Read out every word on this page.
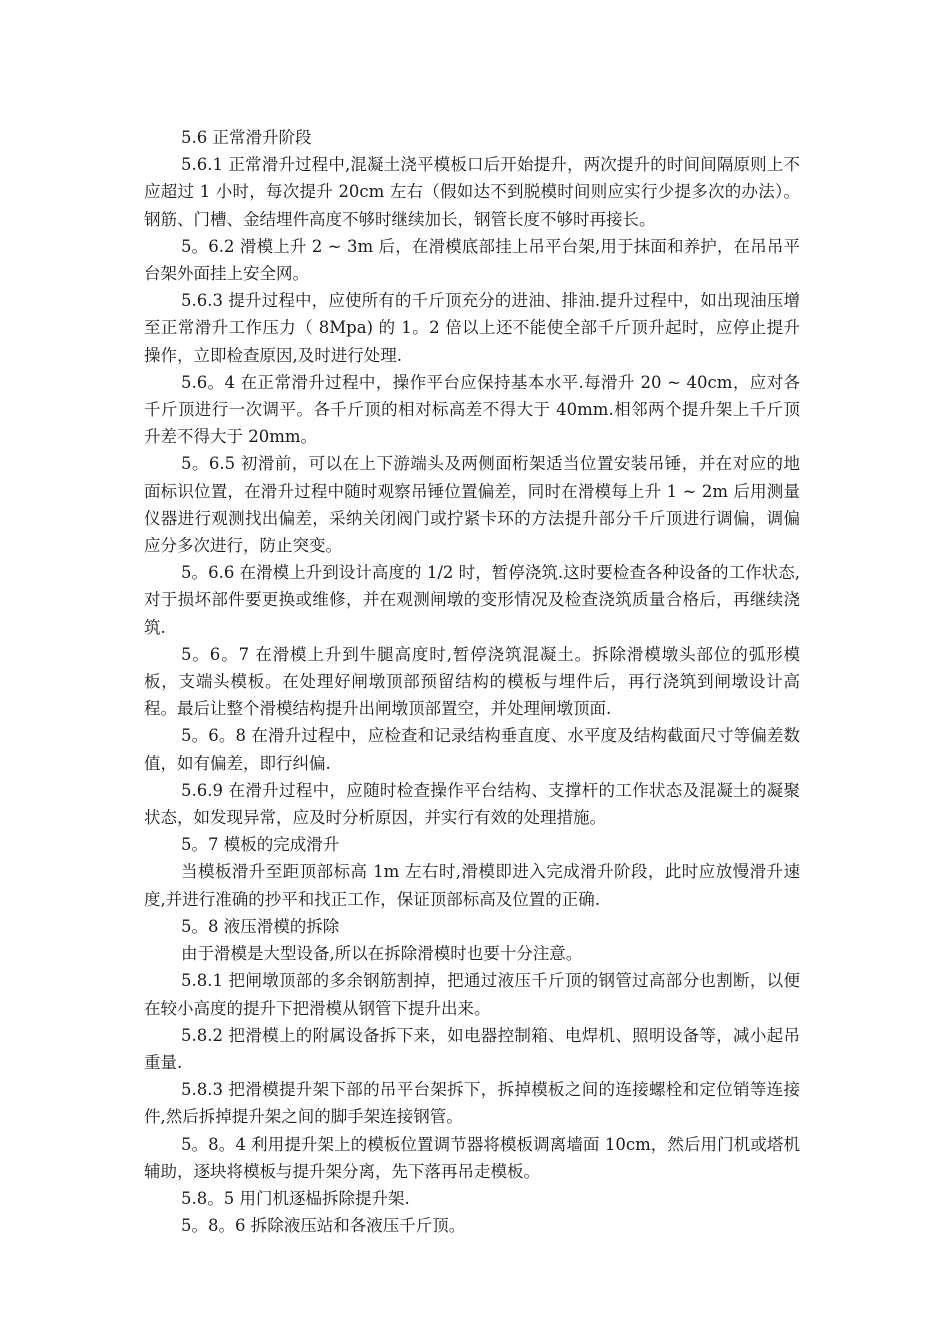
5.6 正常滑升阶段

5.6.1 正常滑升过程中,混凝土浇平模板口后开始提升，两次提升的时间间隔原则上不应超过 1 小时，每次提升 20cm 左右（假如达不到脱模时间则应实行少提多次的办法）。钢筋、门槽、金结埋件高度不够时继续加长，钢管长度不够时再接长。

5。6.2 滑模上升 2 ~ 3m 后，在滑模底部挂上吊平台架,用于抹面和养护，在吊吊平台架外面挂上安全网。

5.6.3 提升过程中，应使所有的千斤顶充分的进油、排油.提升过程中，如出现油压增至正常滑升工作压力（ 8Mpa) 的 1。2 倍以上还不能使全部千斤顶升起时，应停止提升操作，立即检查原因,及时进行处理.

5.6。4 在正常滑升过程中，操作平台应保持基本水平.每滑升 20 ~ 40cm，应对各千斤顶进行一次调平。各千斤顶的相对标高差不得大于 40mm.相邻两个提升架上千斤顶升差不得大于 20mm。

5。6.5 初滑前，可以在上下游端头及两侧面桁架适当位置安装吊锤，并在对应的地面标识位置，在滑升过程中随时观察吊锤位置偏差，同时在滑模每上升 1 ~ 2m 后用测量仪器进行观测找出偏差，采纳关闭阀门或拧紧卡环的方法提升部分千斤顶进行调偏，调偏应分多次进行，防止突变。

5。6.6 在滑模上升到设计高度的 1/2 时，暂停浇筑.这时要检查各种设备的工作状态,对于损坏部件要更换或维修，并在观测闸墩的变形情况及检查浇筑质量合格后，再继续浇筑.

5。6。7 在滑模上升到牛腿高度时,暂停浇筑混凝土。拆除滑模墩头部位的弧形模板，支端头模板。在处理好闸墩顶部预留结构的模板与埋件后，再行浇筑到闸墩设计高程。最后让整个滑模结构提升出闸墩顶部置空，并处理闸墩顶面.

5。6。8 在滑升过程中，应检查和记录结构垂直度、水平度及结构截面尺寸等偏差数值，如有偏差，即行纠偏.

5.6.9 在滑升过程中，应随时检查操作平台结构、支撑杆的工作状态及混凝土的凝聚状态，如发现异常，应及时分析原因，并实行有效的处理措施。

5。7 模板的完成滑升

当模板滑升至距顶部标高 1m 左右时,滑模即进入完成滑升阶段，此时应放慢滑升速度,并进行准确的抄平和找正工作，保证顶部标高及位置的正确.

5。8 液压滑模的拆除

由于滑模是大型设备,所以在拆除滑模时也要十分注意。

5.8.1 把闸墩顶部的多余钢筋割掉，把通过液压千斤顶的钢管过高部分也割断，以便在较小高度的提升下把滑模从钢管下提升出来。

5.8.2 把滑模上的附属设备拆下来，如电器控制箱、电焊机、照明设备等，减小起吊重量.

5.8.3 把滑模提升架下部的吊平台架拆下，拆掉模板之间的连接螺栓和定位销等连接件,然后拆掉提升架之间的脚手架连接钢管。

5。8。4 利用提升架上的模板位置调节器将模板调离墙面 10cm，然后用门机或塔机辅助，逐块将模板与提升架分离，先下落再吊走模板。

5.8。5 用门机逐榀拆除提升架.

5。8。6 拆除液压站和各液压千斤顶。
